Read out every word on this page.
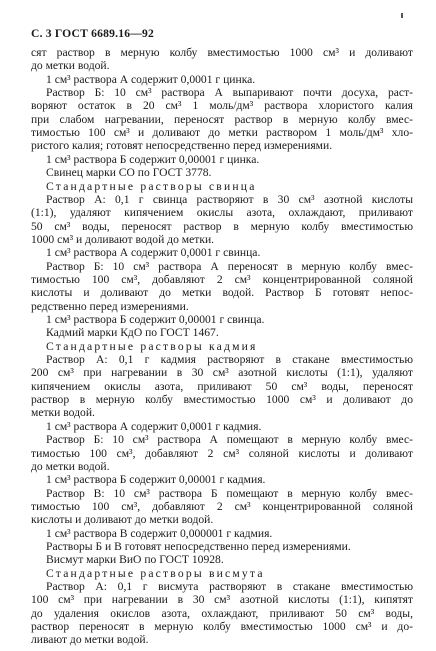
С. 3 ГОСТ 6689.16—92
сят раствор в мерную колбу вместимостью 1000 см³ и доливают
до метки водой.
1 см³ раствора А содержит 0,0001 г цинка.
Раствор Б: 10 см³ раствора А выпаривают почти досуха, раст-
воряют остаток в 20 см³ 1 моль/дм³ раствора хлористого калия
при слабом нагревании, переносят раствор в мерную колбу вмес-
тимостью 100 см³ и доливают до метки раствором 1 моль/дм³ хло-
ристого калия; готовят непосредственно перед измерениями.
1 см³ раствора Б содержит 0,00001 г цинка.
Свинец марки СО по ГОСТ 3778.
Стандартные растворы свинца
Раствор А: 0,1 г свинца растворяют в 30 см³ азотной кислоты
(1:1), удаляют кипячением окислы азота, охлаждают, приливают
50 см³ воды, переносят раствор в мерную колбу вместимостью
1000 см³ и доливают водой до метки.
1 см³ раствора А содержит 0,0001 г свинца.
Раствор Б: 10 см³ раствора А переносят в мерную колбу вмес-
тимостью 100 см³, добавляют 2 см³ концентрированной соляной
кислоты и доливают до метки водой. Раствор Б готовят непос-
редственно перед измерениями.
1 см³ раствора Б содержит 0,00001 г свинца.
Кадмий марки КдО по ГОСТ 1467.
Стандартные растворы кадмия
Раствор А: 0,1 г кадмия растворяют в стакане вместимостью
200 см³ при нагревании в 30 см³ азотной кислоты (1:1), удаляют
кипячением окислы азота, приливают 50 см³ воды, переносят
раствор в мерную колбу вместимостью 1000 см³ и доливают до
метки водой.
1 см³ раствора А содержит 0,0001 г кадмия.
Раствор Б: 10 см³ раствора А помещают в мерную колбу вмес-
тимостью 100 см³, добавляют 2 см³ соляной кислоты и доливают
до метки водой.
1 см³ раствора Б содержит 0,00001 г кадмия.
Раствор В: 10 см³ раствора Б помещают в мерную колбу вмес-
тимостью 100 см³, добавляют 2 см³ концентрированной соляной
кислоты и доливают до метки водой.
1 см³ раствора В содержит 0,000001 г кадмия.
Растворы Б и В готовят непосредственно перед измерениями.
Висмут марки ВиО по ГОСТ 10928.
Стандартные растворы висмута
Раствор А: 0,1 г висмута растворяют в стакане вместимостью
100 см³ при нагревании в 30 см³ азотной кислоты (1:1), кипятят
до удаления окислов азота, охлаждают, приливают 50 см³ воды,
раствор переносят в мерную колбу вместимостью 1000 см³ и до-
ливают до метки водой.
